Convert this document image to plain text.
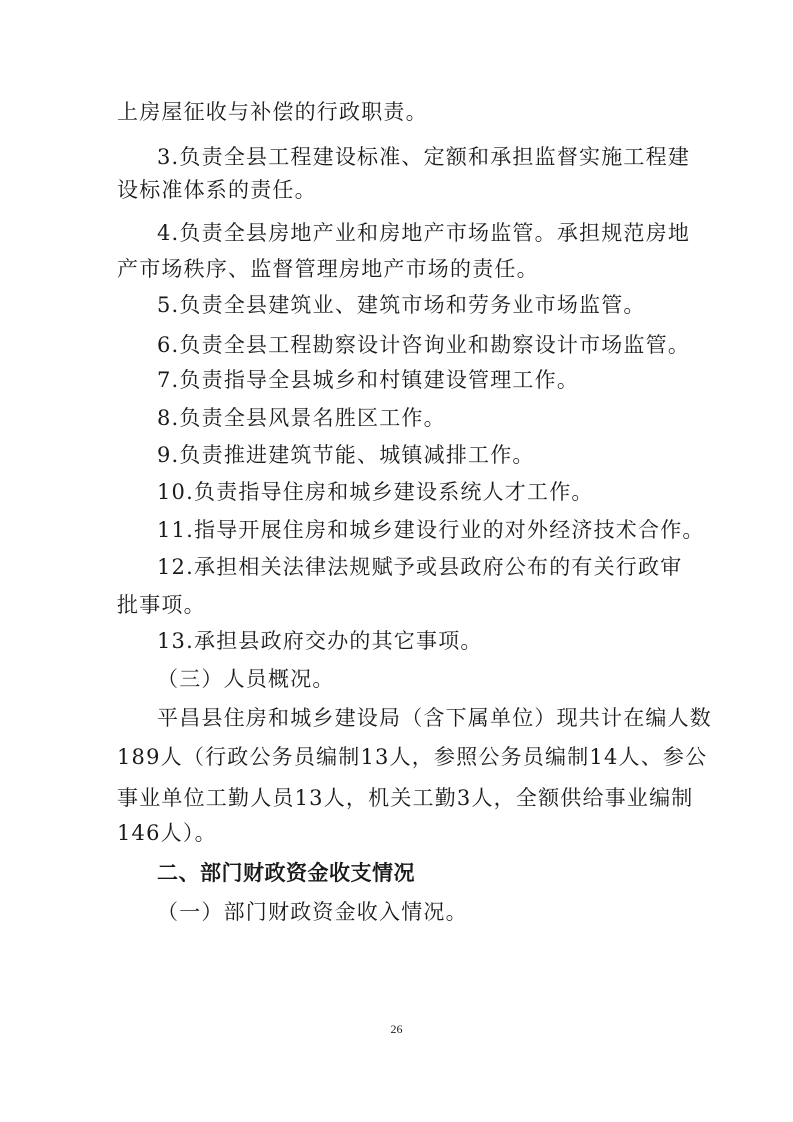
上房屋征收与补偿的行政职责。
3.负责全县工程建设标准、定额和承担监督实施工程建
设标准体系的责任。
4.负责全县房地产业和房地产市场监管。承担规范房地
产市场秩序、监督管理房地产市场的责任。
5.负责全县建筑业、建筑市场和劳务业市场监管。
6.负责全县工程勘察设计咨询业和勘察设计市场监管。
7.负责指导全县城乡和村镇建设管理工作。
8.负责全县风景名胜区工作。
9.负责推进建筑节能、城镇减排工作。
10.负责指导住房和城乡建设系统人才工作。
11.指导开展住房和城乡建设行业的对外经济技术合作。
12.承担相关法律法规赋予或县政府公布的有关行政审
批事项。
13.承担县政府交办的其它事项。
（三）人员概况。
平昌县住房和城乡建设局（含下属单位）现共计在编人数
189人（行政公务员编制13人，参照公务员编制14人、参公
事业单位工勤人员13人，机关工勤3人，全额供给事业编制
146人）。
二、部门财政资金收支情况
（一）部门财政资金收入情况。
26
